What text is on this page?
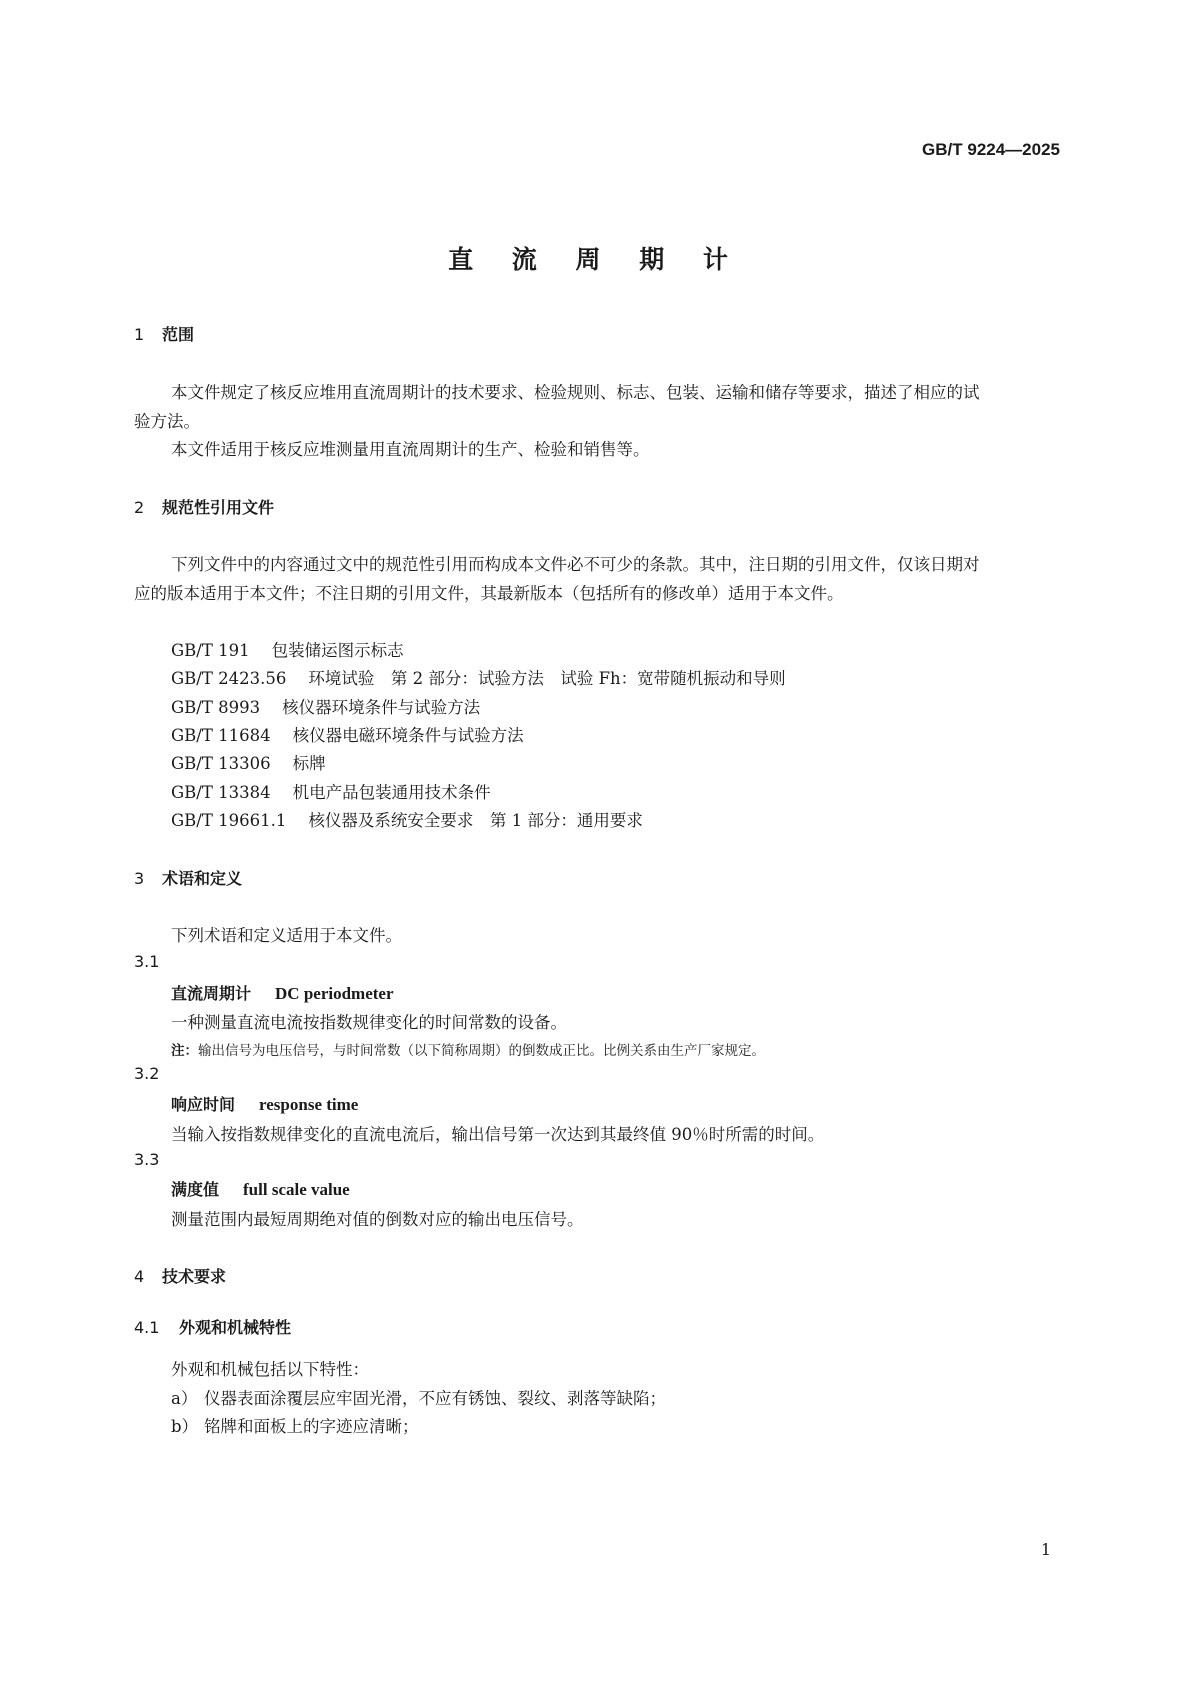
GB/T 9224—2025
直 流 周 期 计
1 范围
本文件规定了核反应堆用直流周期计的技术要求、检验规则、标志、包装、运输和储存等要求，描述了相应的试验方法。
本文件适用于核反应堆测量用直流周期计的生产、检验和销售等。
2 规范性引用文件
下列文件中的内容通过文中的规范性引用而构成本文件必不可少的条款。其中，注日期的引用文件，仅该日期对应的版本适用于本文件；不注日期的引用文件，其最新版本（包括所有的修改单）适用于本文件。
GB/T 191 包装储运图示标志
GB/T 2423.56 环境试验　第 2 部分：试验方法　试验 Fh：宽带随机振动和导则
GB/T 8993 核仪器环境条件与试验方法
GB/T 11684 核仪器电磁环境条件与试验方法
GB/T 13306 标牌
GB/T 13384 机电产品包装通用技术条件
GB/T 19661.1 核仪器及系统安全要求　第 1 部分：通用要求
3 术语和定义
下列术语和定义适用于本文件。
3.1
直流周期计 DC periodmeter
一种测量直流电流按指数规律变化的时间常数的设备。
注：输出信号为电压信号，与时间常数（以下简称周期）的倒数成正比。比例关系由生产厂家规定。
3.2
响应时间 response time
当输入按指数规律变化的直流电流后，输出信号第一次达到其最终值 90％时所需的时间。
3.3
满度值 full scale value
测量范围内最短周期绝对值的倒数对应的输出电压信号。
4 技术要求
4.1 外观和机械特性
外观和机械包括以下特性：
a） 仪器表面涂覆层应牢固光滑，不应有锈蚀、裂纹、剥落等缺陷；
b） 铭牌和面板上的字迹应清晰；
1
